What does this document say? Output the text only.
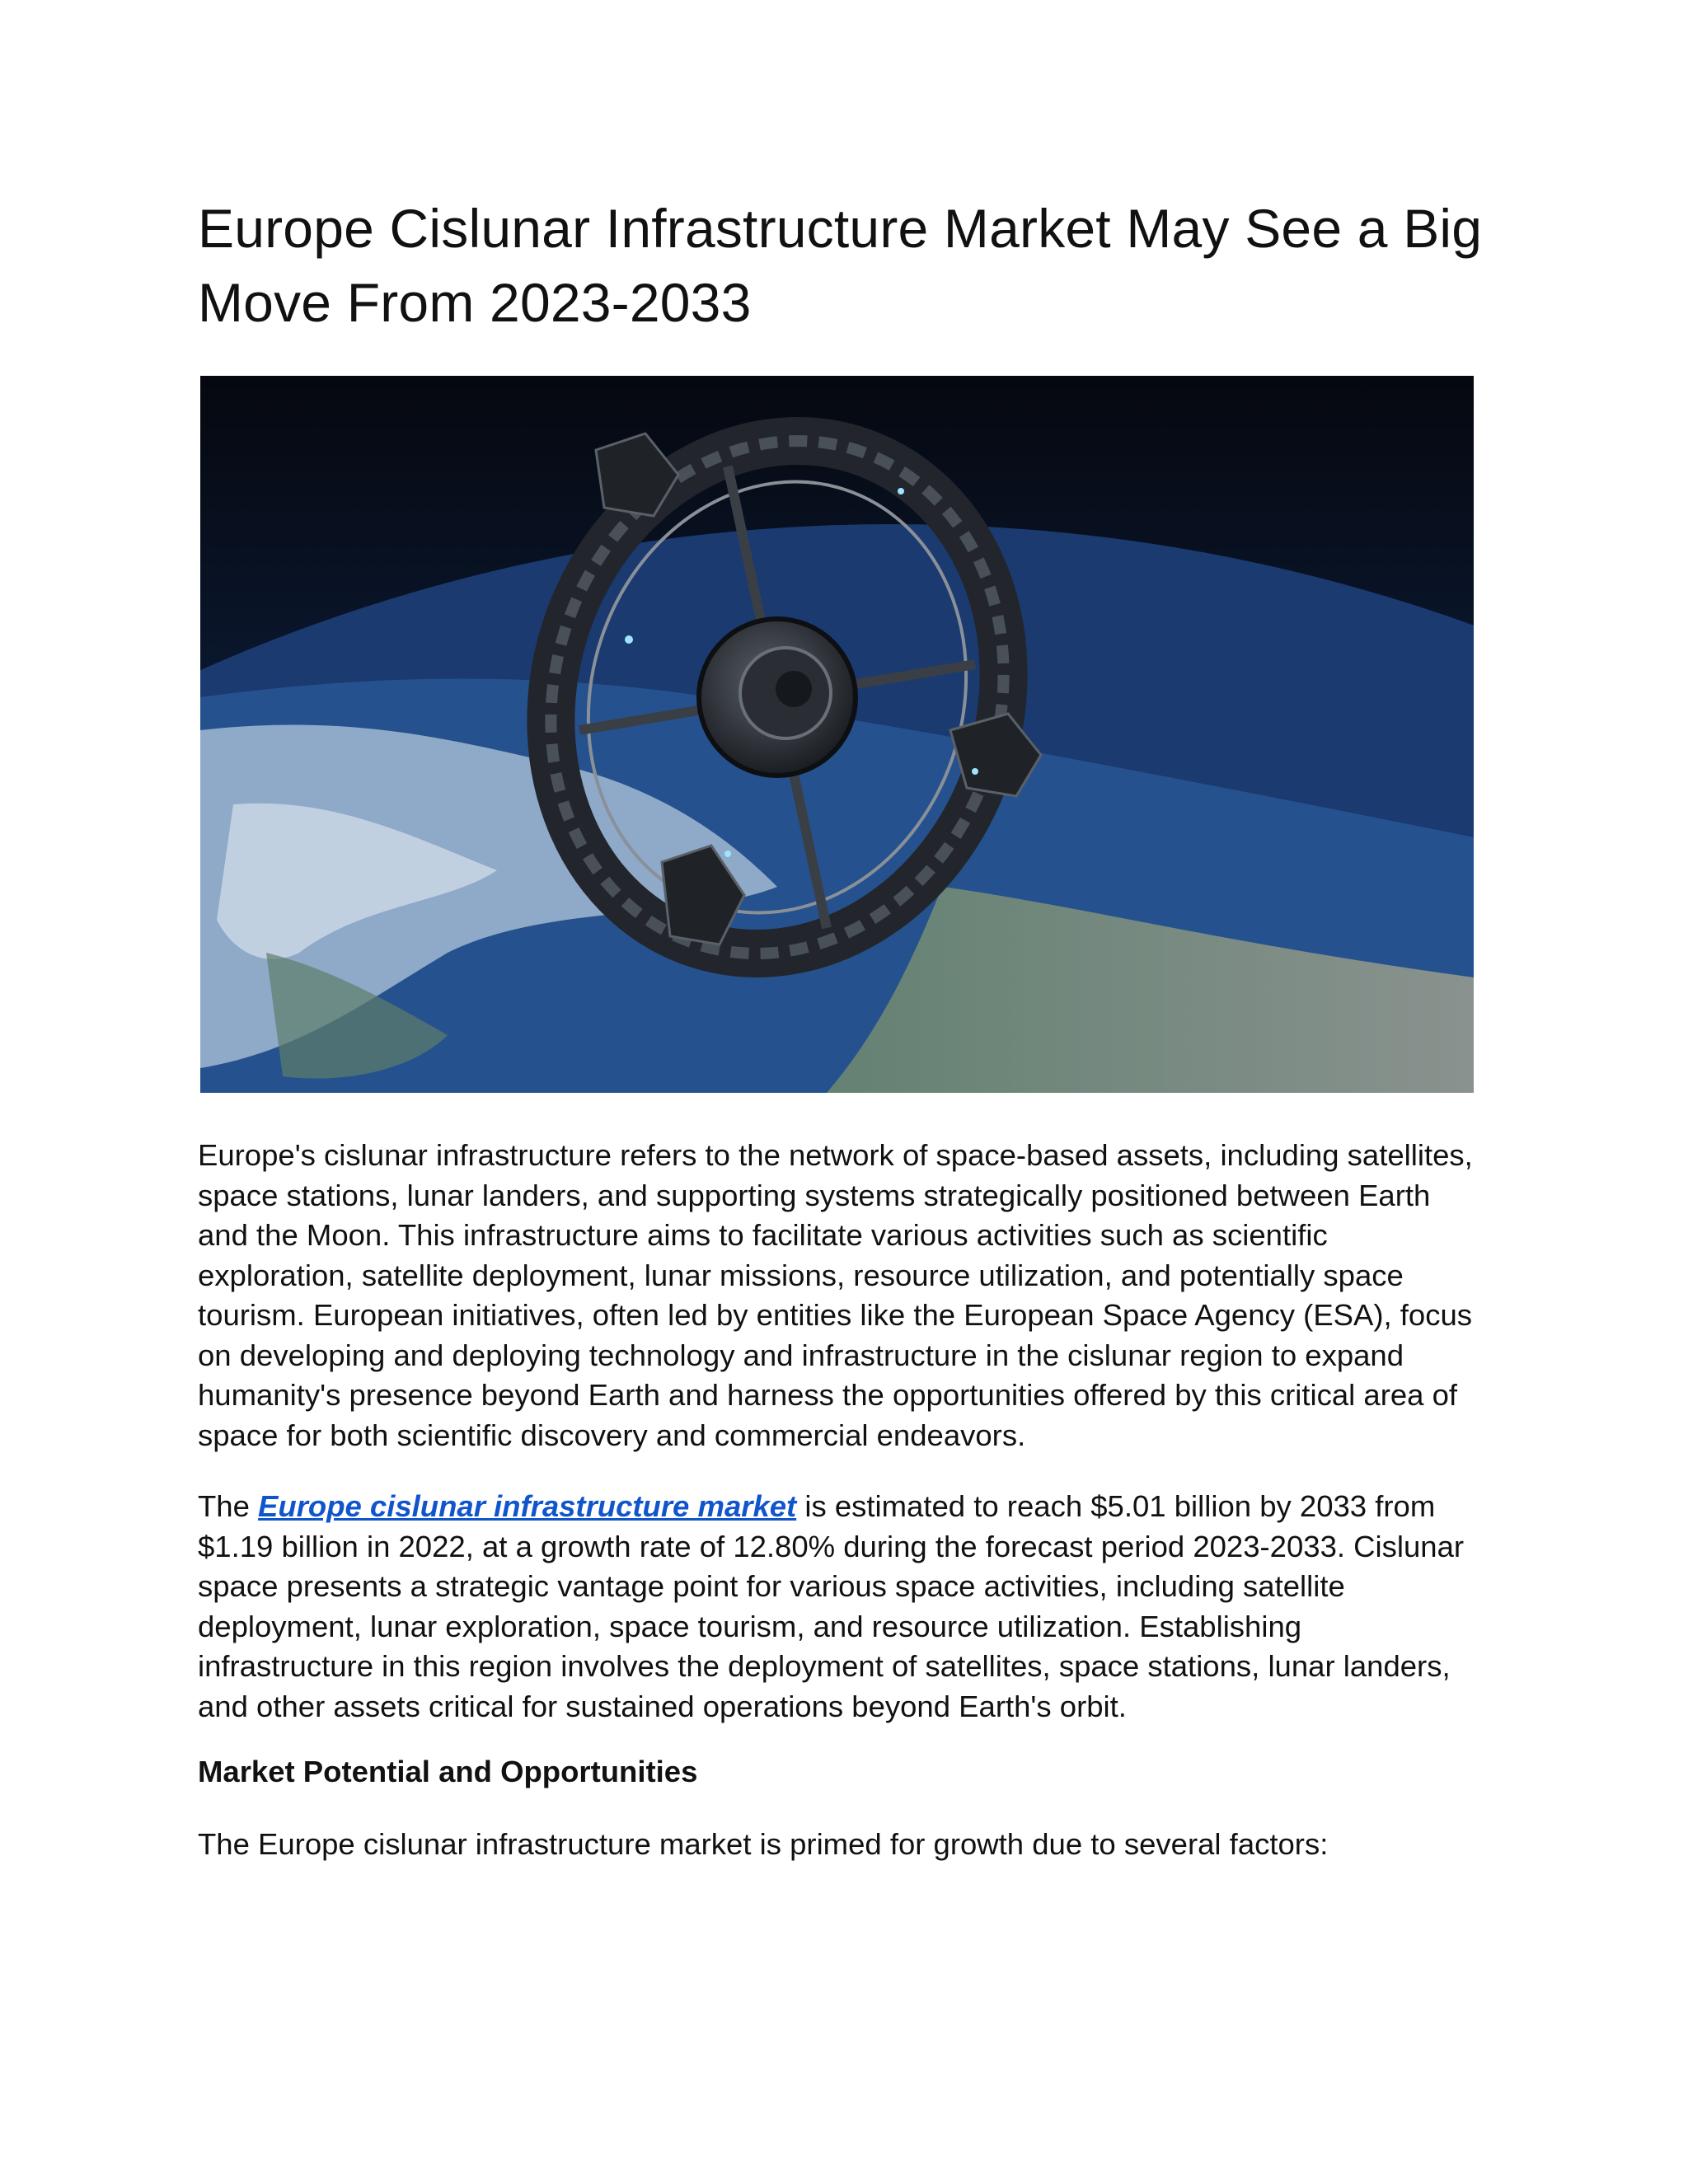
Europe Cislunar Infrastructure Market May See a Big Move From 2023-2033

Europe's cislunar infrastructure refers to the network of space-based assets, including satellites, space stations, lunar landers, and supporting systems strategically positioned between Earth and the Moon. This infrastructure aims to facilitate various activities such as scientific exploration, satellite deployment, lunar missions, resource utilization, and potentially space tourism. European initiatives, often led by entities like the European Space Agency (ESA), focus on developing and deploying technology and infrastructure in the cislunar region to expand humanity's presence beyond Earth and harness the opportunities offered by this critical area of space for both scientific discovery and commercial endeavors.

The Europe cislunar infrastructure market is estimated to reach $5.01 billion by 2033 from $1.19 billion in 2022, at a growth rate of 12.80% during the forecast period 2023-2033. Cislunar space presents a strategic vantage point for various space activities, including satellite deployment, lunar exploration, space tourism, and resource utilization. Establishing infrastructure in this region involves the deployment of satellites, space stations, lunar landers, and other assets critical for sustained operations beyond Earth's orbit.

Market Potential and Opportunities

The Europe cislunar infrastructure market is primed for growth due to several factors:
